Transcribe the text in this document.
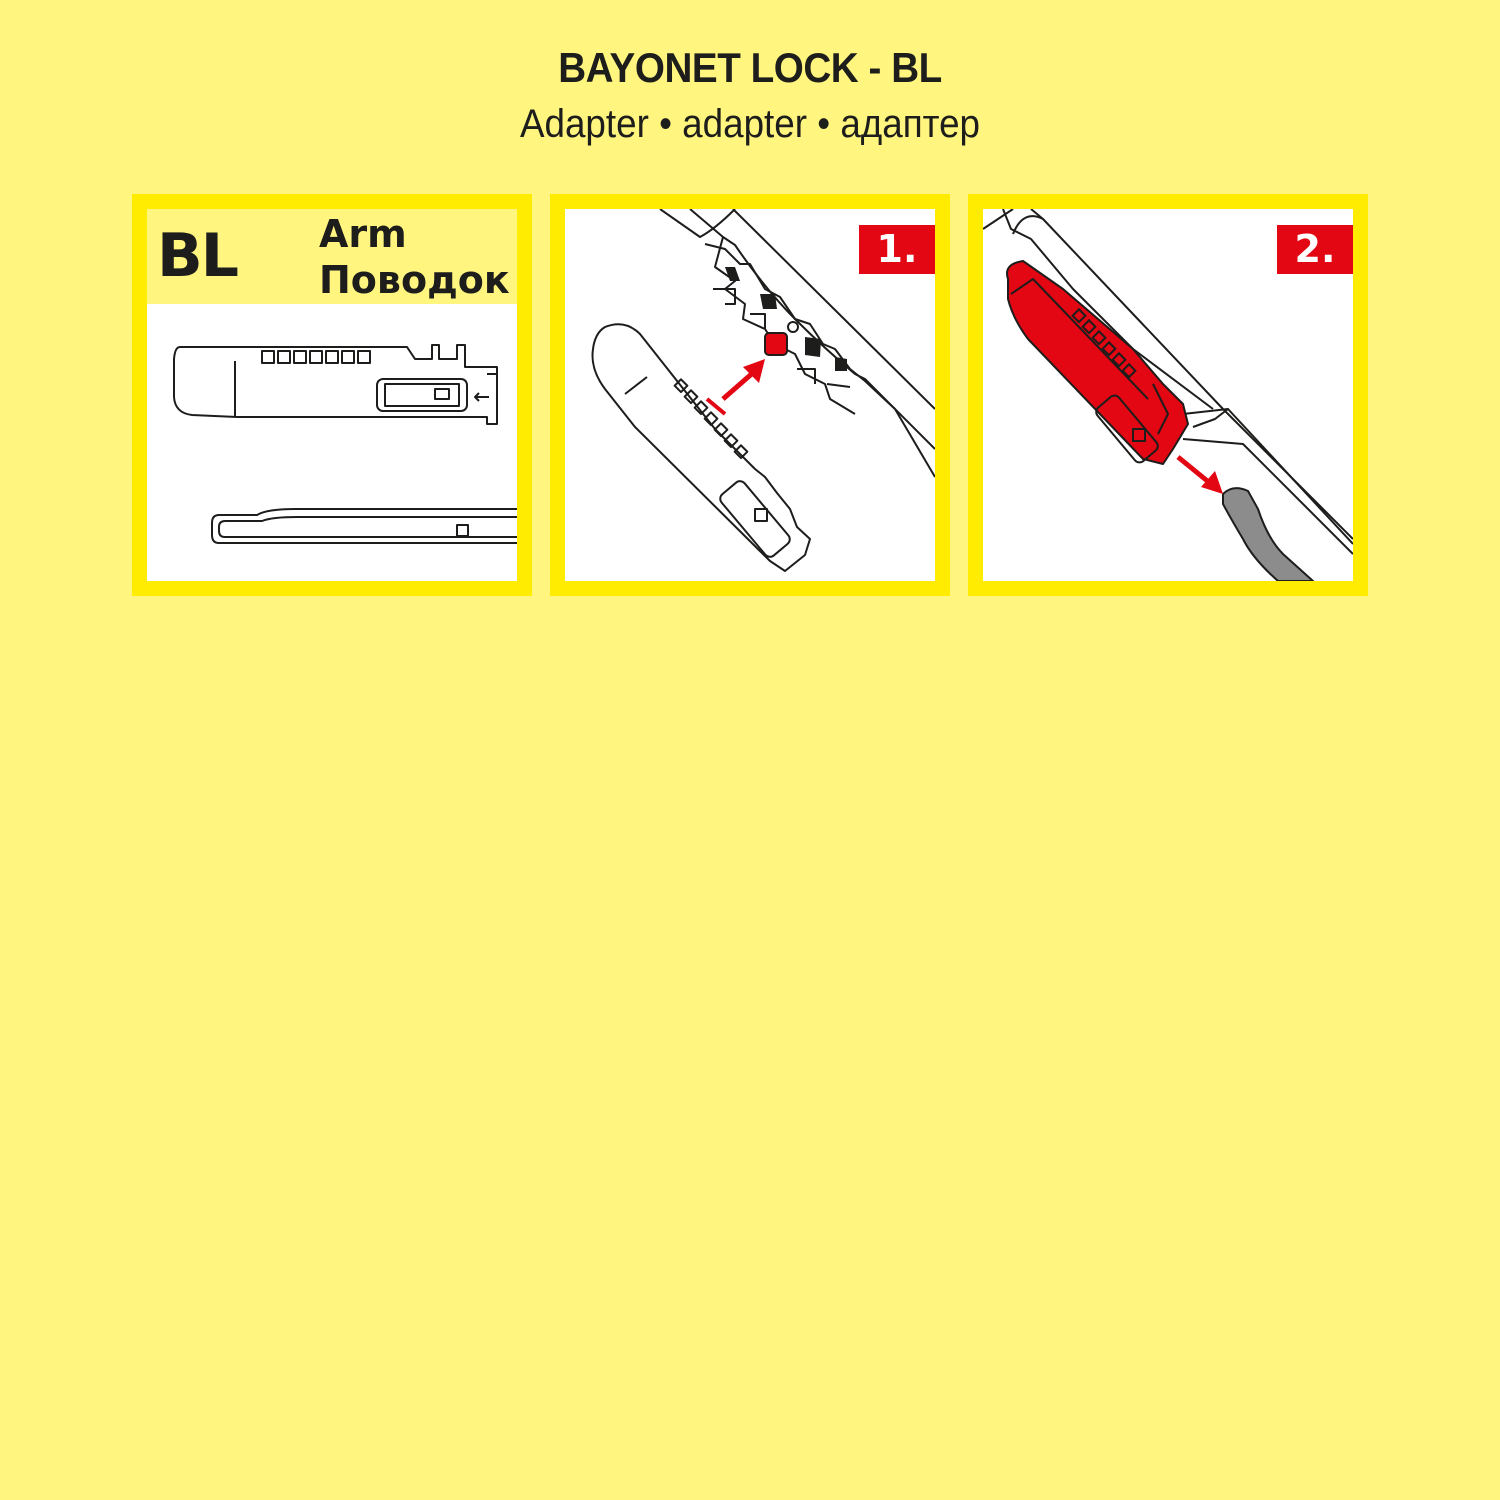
BAYONET LOCK - BL
Adapter • adapter • адаптер
BL Arm
Поводок
1.	2.
